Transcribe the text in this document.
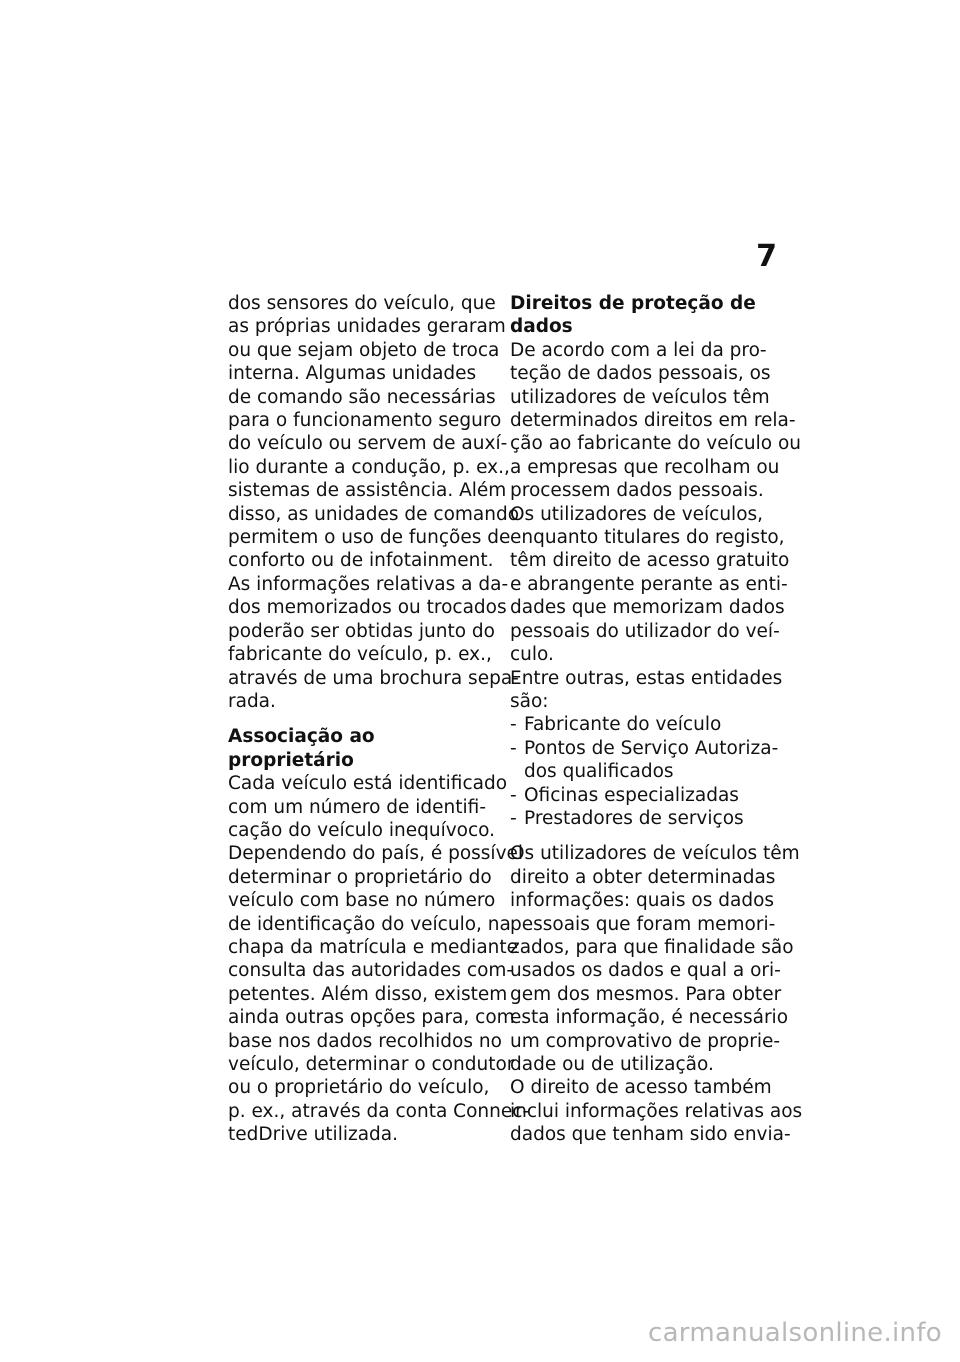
7
dos sensores do veículo, que
as próprias unidades geraram
ou que sejam objeto de troca
interna. Algumas unidades
de comando são necessárias
para o funcionamento seguro
do veículo ou servem de auxí‐
lio durante a condução, p. ex.,
sistemas de assistência. Além
disso, as unidades de comando
permitem o uso de funções de
conforto ou de infotainment.
As informações relativas a da‐
dos memorizados ou trocados
poderão ser obtidas junto do
fabricante do veículo, p. ex.,
através de uma brochura sepa‐
rada.
Associação ao proprietário
Cada veículo está identificado
com um número de identifi‐
cação do veículo inequívoco.
Dependendo do país, é possível
determinar o proprietário do
veículo com base no número
de identificação do veículo, na
chapa da matrícula e mediante
consulta das autoridades com‐
petentes. Além disso, existem
ainda outras opções para, com
base nos dados recolhidos no
veículo, determinar o condutor
ou o proprietário do veículo,
p. ex., através da conta Connec‐
tedDrive utilizada.
Direitos de proteção de dados
De acordo com a lei da pro‐
teção de dados pessoais, os
utilizadores de veículos têm
determinados direitos em rela‐
ção ao fabricante do veículo ou
a empresas que recolham ou
processem dados pessoais.
Os utilizadores de veículos,
enquanto titulares do registo,
têm direito de acesso gratuito
e abrangente perante as enti‐
dades que memorizam dados
pessoais do utilizador do veí‐
culo.
Entre outras, estas entidades
são:
‐ Fabricante do veículo
‐ Pontos de Serviço Autoriza‐
dos qualificados
‐ Oficinas especializadas
‐ Prestadores de serviços
Os utilizadores de veículos têm
direito a obter determinadas
informações: quais os dados
pessoais que foram memori‐
zados, para que finalidade são
usados os dados e qual a ori‐
gem dos mesmos. Para obter
esta informação, é necessário
um comprovativo de proprie‐
dade ou de utilização.
O direito de acesso também
inclui informações relativas aos
dados que tenham sido envia‐
carmanualsonline.info
